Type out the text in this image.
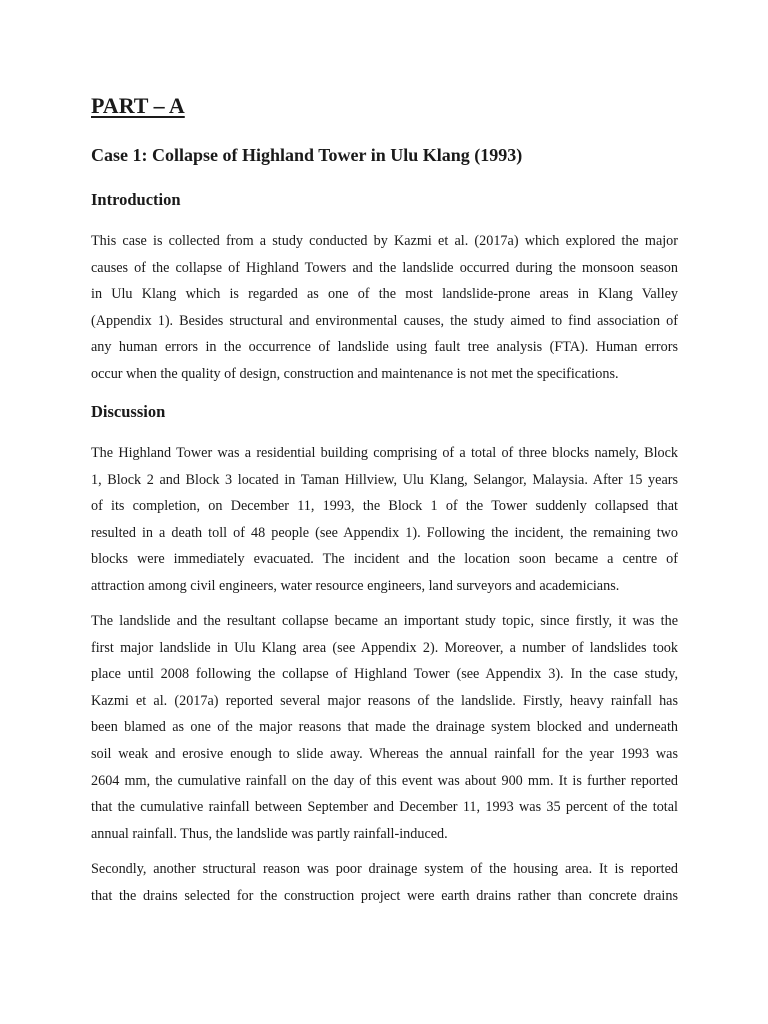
PART – A
Case 1: Collapse of Highland Tower in Ulu Klang (1993)
Introduction

This case is collected from a study conducted by Kazmi et al. (2017a) which explored the major
causes of the collapse of Highland Towers and the landslide occurred during the monsoon season
in Ulu Klang which is regarded as one of the most landslide-prone areas in Klang Valley
(Appendix 1). Besides structural and environmental causes, the study aimed to find association of
any human errors in the occurrence of landslide using fault tree analysis (FTA). Human errors
occur when the quality of design, construction and maintenance is not met the specifications.

Discussion

The Highland Tower was a residential building comprising of a total of three blocks namely, Block
1, Block 2 and Block 3 located in Taman Hillview, Ulu Klang, Selangor, Malaysia. After 15 years
of its completion, on December 11, 1993, the Block 1 of the Tower suddenly collapsed that
resulted in a death toll of 48 people (see Appendix 1). Following the incident, the remaining two
blocks were immediately evacuated. The incident and the location soon became a centre of
attraction among civil engineers, water resource engineers, land surveyors and academicians.

The landslide and the resultant collapse became an important study topic, since firstly, it was the
first major landslide in Ulu Klang area (see Appendix 2). Moreover, a number of landslides took
place until 2008 following the collapse of Highland Tower (see Appendix 3). In the case study,
Kazmi et al. (2017a) reported several major reasons of the landslide. Firstly, heavy rainfall has
been blamed as one of the major reasons that made the drainage system blocked and underneath
soil weak and erosive enough to slide away. Whereas the annual rainfall for the year 1993 was
2604 mm, the cumulative rainfall on the day of this event was about 900 mm. It is further reported
that the cumulative rainfall between September and December 11, 1993 was 35 percent of the total
annual rainfall. Thus, the landslide was partly rainfall-induced.

Secondly, another structural reason was poor drainage system of the housing area. It is reported
that the drains selected for the construction project were earth drains rather than concrete drains
